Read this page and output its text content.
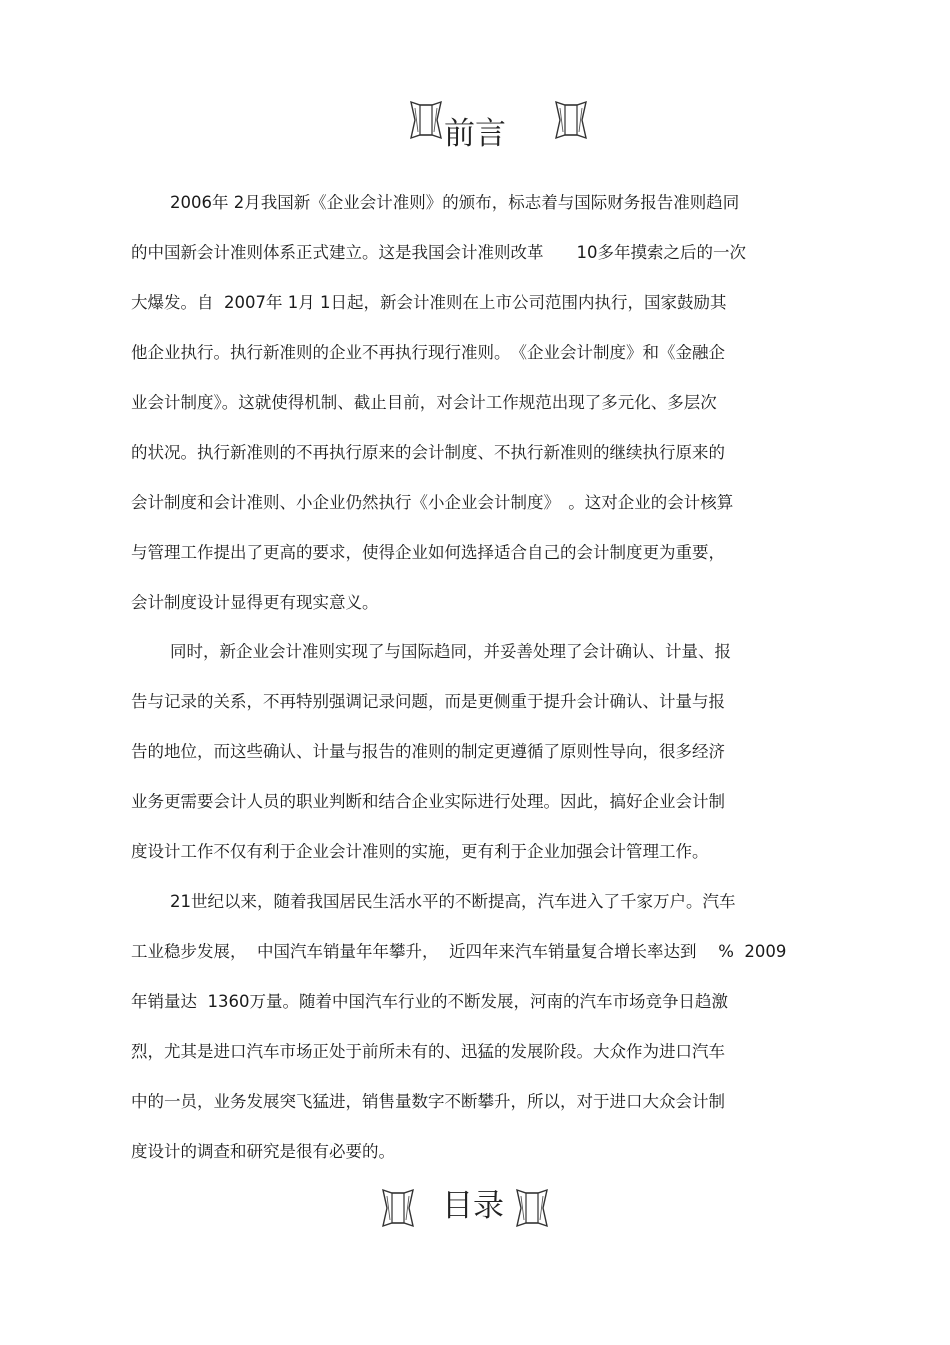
前言
2006年 2月我国新《企业会计准则》的颁布，标志着与国际财务报告准则趋同
的中国新会计准则体系正式建立。这是我国会计准则改革　　10多年摸索之后的一次
大爆发。自  2007年 1月 1日起，新会计准则在上市公司范围内执行，国家鼓励其
他企业执行。执行新准则的企业不再执行现行准则。　《企业会计制度》和《金融企
业会计制度》。这就使得机制、截止目前，对会计工作规范出现了多元化、多层次
的状况。执行新准则的不再执行原来的会计制度、不执行新准则的继续执行原来的
会计制度和会计准则、小企业仍然执行《小企业会计制度》　。这对企业的会计核算
与管理工作提出了更高的要求，使得企业如何选择适合自己的会计制度更为重要，
会计制度设计显得更有现实意义。
同时，新企业会计准则实现了与国际趋同，并妥善处理了会计确认、计量、报
告与记录的关系，不再特别强调记录问题，而是更侧重于提升会计确认、计量与报
告的地位，而这些确认、计量与报告的准则的制定更遵循了原则性导向，很多经济
业务更需要会计人员的职业判断和结合企业实际进行处理。因此，搞好企业会计制
度设计工作不仅有利于企业会计准则的实施，更有利于企业加强会计管理工作。
21世纪以来，随着我国居民生活水平的不断提高，汽车进入了千家万户。汽车
工业稳步发展，  中国汽车销量年年攀升，  近四年来汽车销量复合增长率达到　 %  2009
年销量达  1360万量。随着中国汽车行业的不断发展，河南的汽车市场竞争日趋激
烈，尤其是进口汽车市场正处于前所未有的、迅猛的发展阶段。大众作为进口汽车
中的一员，业务发展突飞猛进，销售量数字不断攀升，所以，对于进口大众会计制
度设计的调查和研究是很有必要的。
目录
